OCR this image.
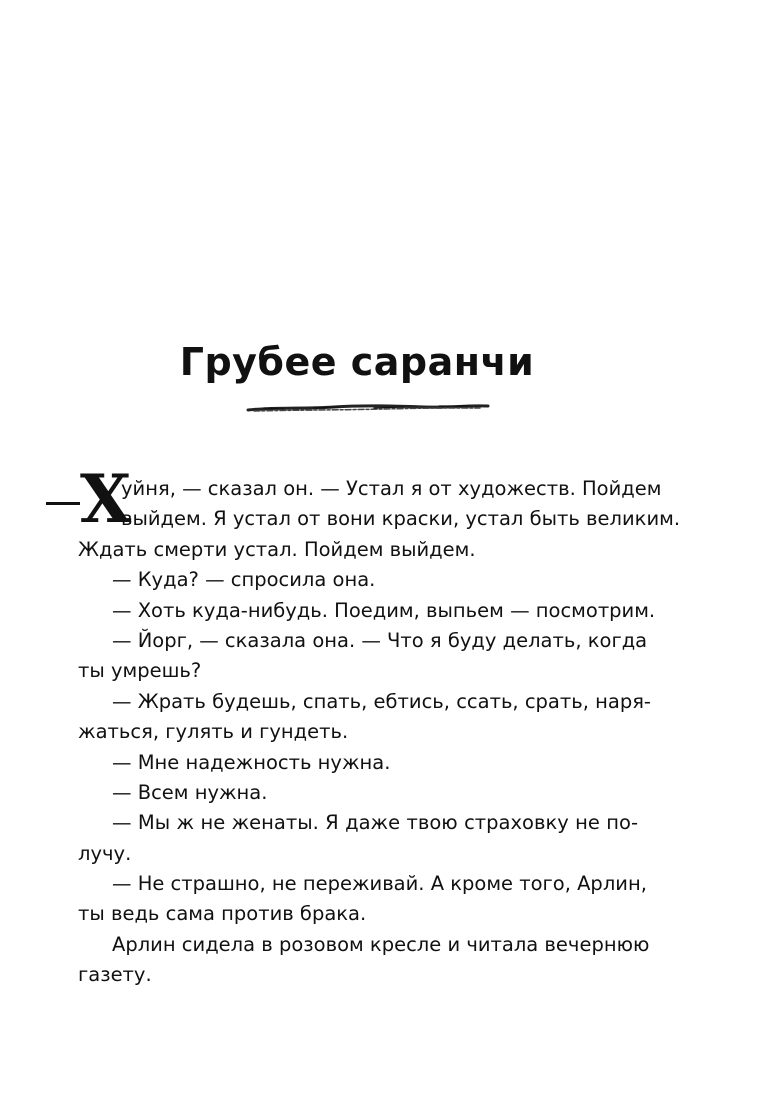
Грубее саранчи
Х
уйня, — сказал он. — Устал я от художеств. Пойдем
выйдем. Я устал от вони краски, устал быть великим.
Ждать смерти устал. Пойдем выйдем.
— Куда? — спросила она.
— Хоть куда-нибудь. Поедим, выпьем — посмотрим.
— Йорг, — сказала она. — Что я буду делать, когда
ты умрешь?
— Жрать будешь, спать, ебтись, ссать, срать, наря-
жаться, гулять и гундеть.
— Мне надежность нужна.
— Всем нужна.
— Мы ж не женаты. Я даже твою страховку не по-
лучу.
— Не страшно, не переживай. А кроме того, Арлин,
ты ведь сама против брака.
Арлин сидела в розовом кресле и читала вечернюю
газету.
